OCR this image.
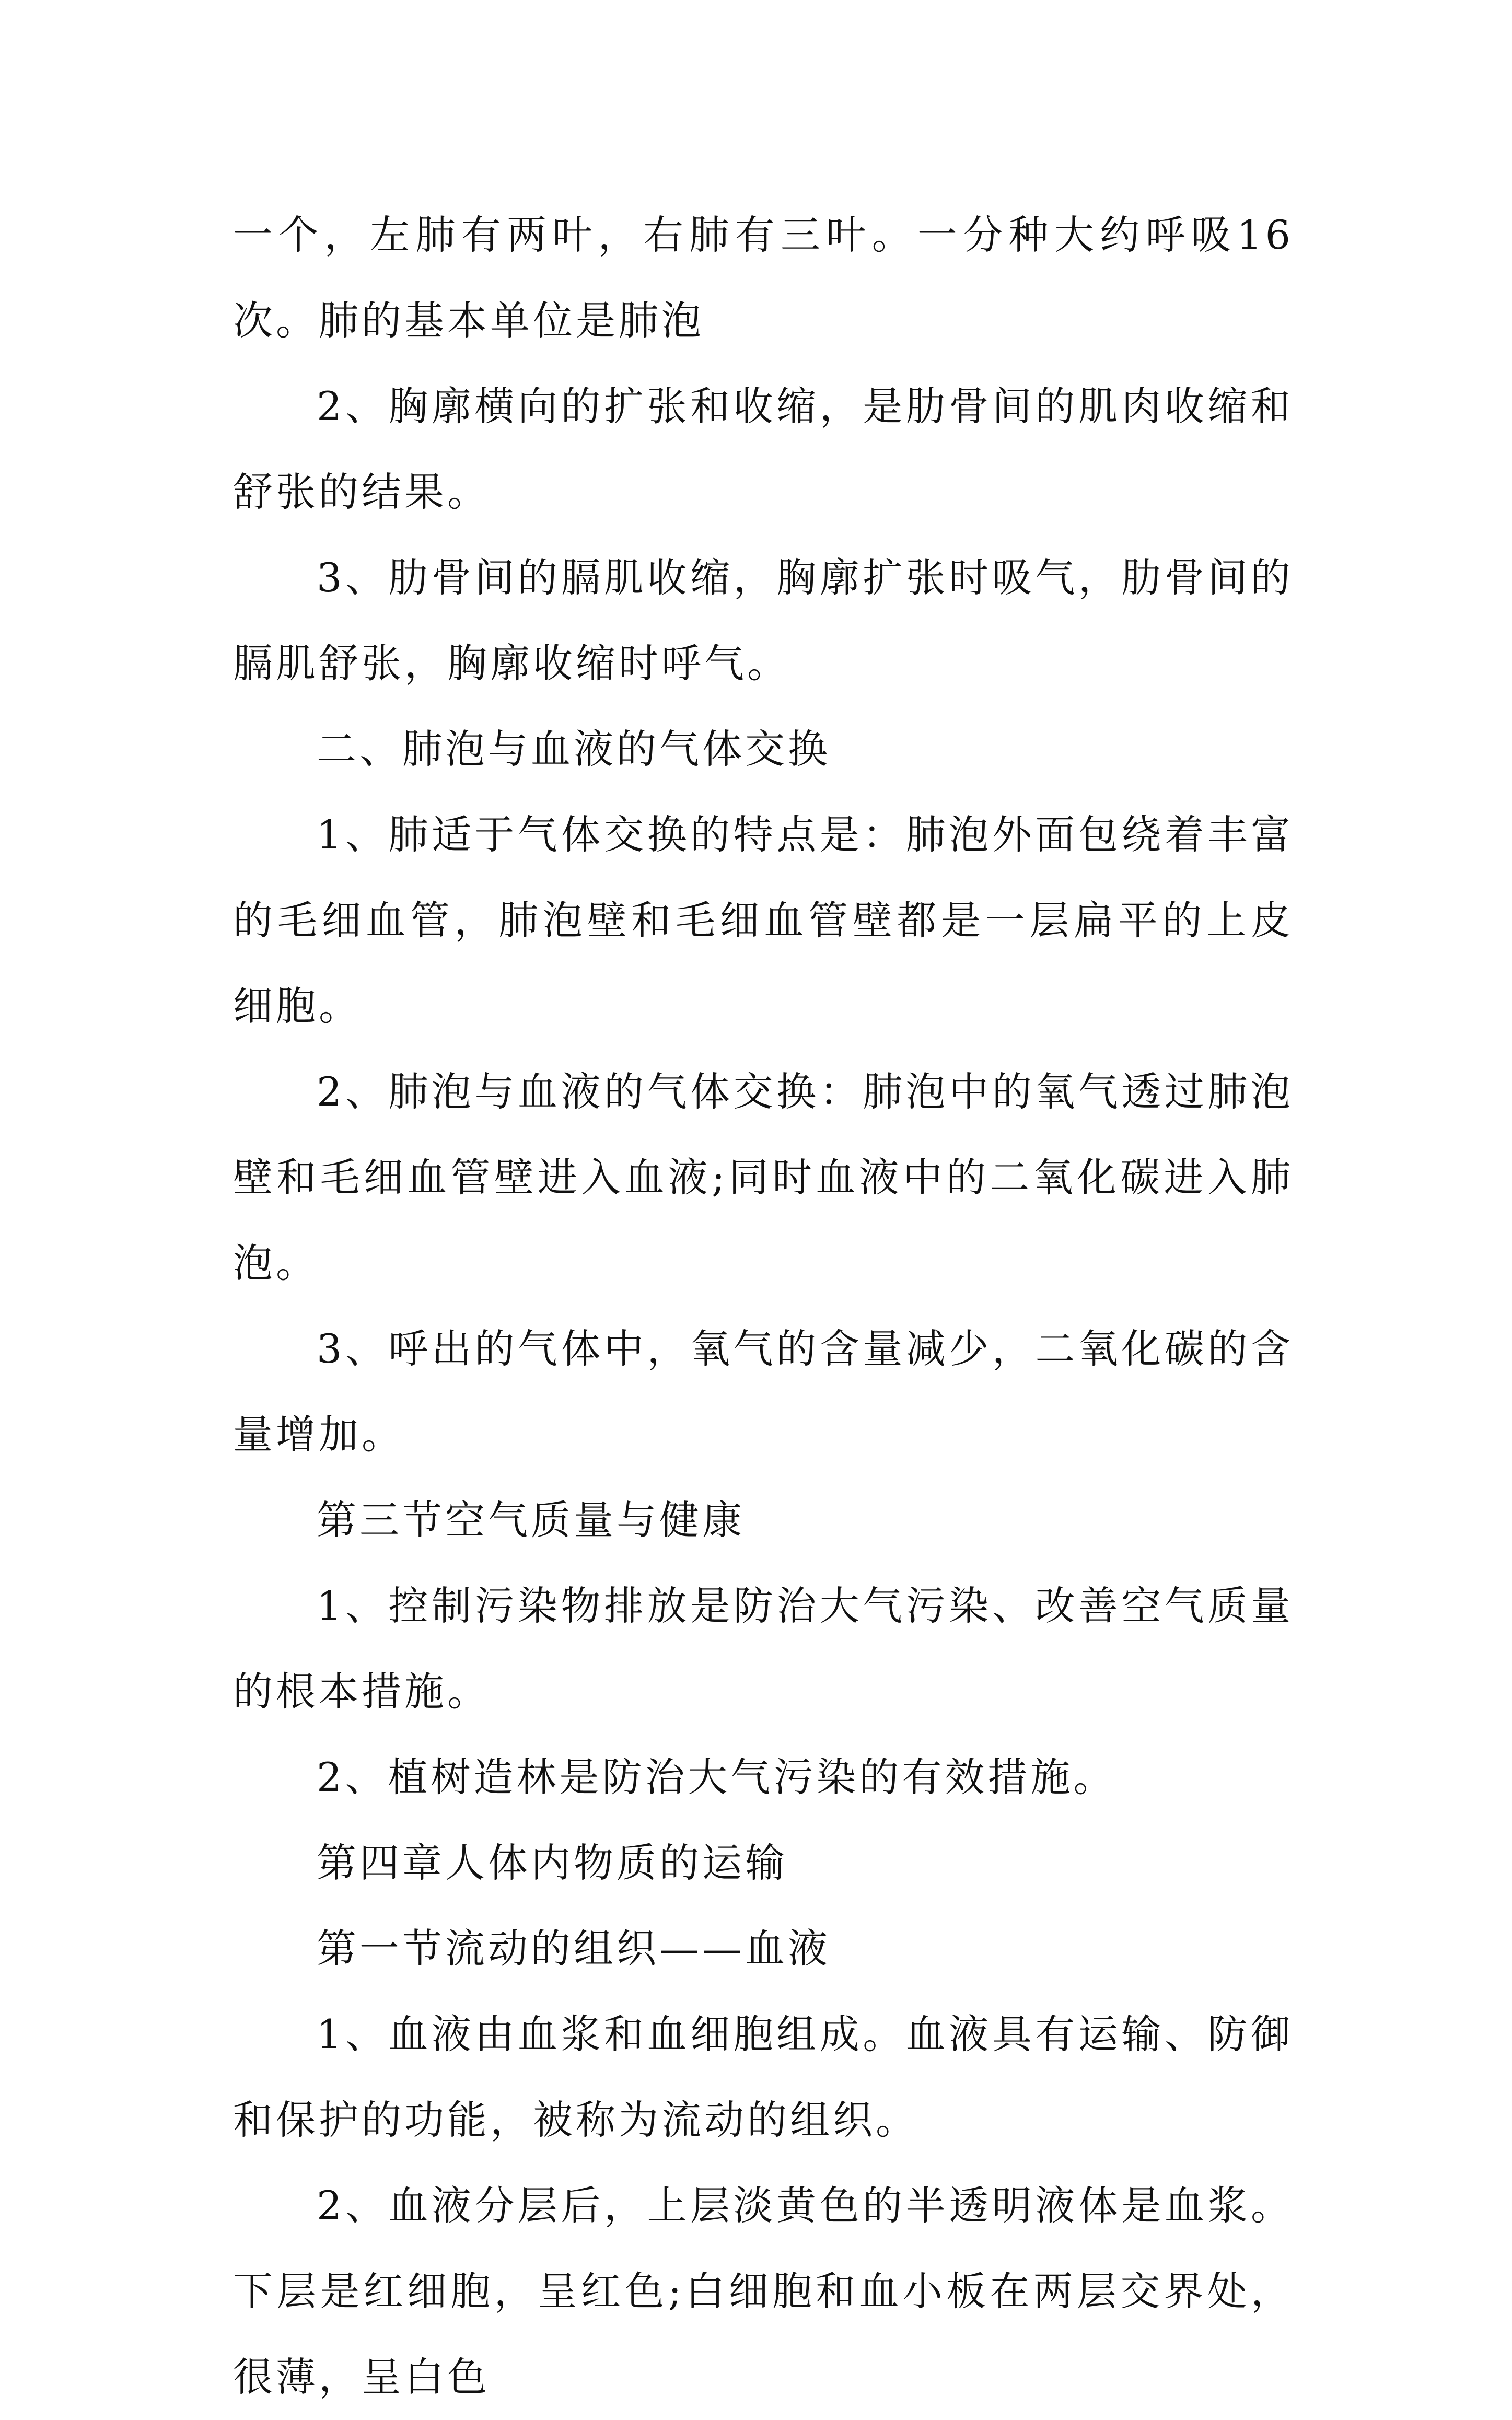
一个，左肺有两叶，右肺有三叶。一分种大约呼吸16次。肺的基本单位是肺泡

2、胸廓横向的扩张和收缩，是肋骨间的肌肉收缩和舒张的结果。

3、肋骨间的膈肌收缩，胸廓扩张时吸气，肋骨间的膈肌舒张，胸廓收缩时呼气。

二、肺泡与血液的气体交换

1、肺适于气体交换的特点是：肺泡外面包绕着丰富的毛细血管，肺泡壁和毛细血管壁都是一层扁平的上皮细胞。

2、肺泡与血液的气体交换：肺泡中的氧气透过肺泡壁和毛细血管壁进入血液;同时血液中的二氧化碳进入肺泡。

3、呼出的气体中，氧气的含量减少，二氧化碳的含量增加。

第三节空气质量与健康

1、控制污染物排放是防治大气污染、改善空气质量的根本措施。

2、植树造林是防治大气污染的有效措施。

第四章人体内物质的运输

第一节流动的组织——血液

1、血液由血浆和血细胞组成。血液具有运输、防御和保护的功能，被称为流动的组织。

2、血液分层后，上层淡黄色的半透明液体是血浆。下层是红细胞，呈红色;白细胞和血小板在两层交界处，很薄，呈白色
